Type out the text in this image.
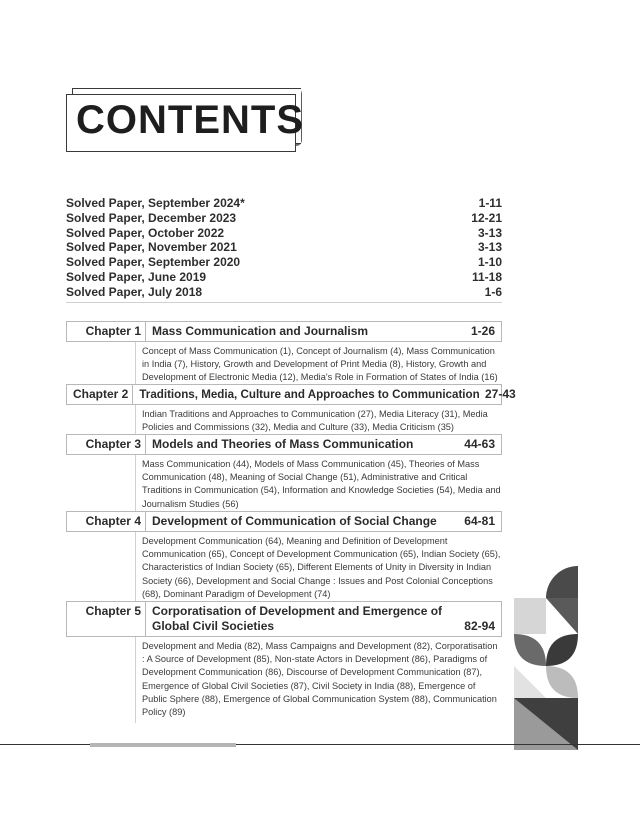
CONTENTS
Solved Paper, September 2024*	1-11
Solved Paper, December 2023	12-21
Solved Paper, October 2022	3-13
Solved Paper, November 2021	3-13
Solved Paper, September 2020	1-10
Solved Paper, June 2019	11-18
Solved Paper, July 2018	1-6
Chapter 1 Mass Communication and Journalism	1-26
Concept of Mass Communication (1), Concept of Journalism (4), Mass Communication in India (7), History, Growth and Development of Print Media (8), History, Growth and Development of Electronic Media (12), Media's Role in Formation of States of India (16)
Chapter 2 Traditions, Media, Culture and Approaches to Communication 27-43
Indian Traditions and Approaches to Communication (27), Media Literacy (31), Media Policies and Commissions (32), Media and Culture (33), Media Criticism (35)
Chapter 3 Models and Theories of Mass Communication	44-63
Mass Communication (44), Models of Mass Communication (45), Theories of Mass Communication (48), Meaning of Social Change (51), Administrative and Critical Traditions in Communication (54), Information and Knowledge Societies (54), Media and Journalism Studies (56)
Chapter 4 Development of Communication of Social Change 64-81
Development Communication (64), Meaning and Definition of Development Communication (65), Concept of Development Communication (65), Indian Society (65), Characteristics of Indian Society (65), Different Elements of Unity in Diversity in Indian Society (66), Development and Social Change : Issues and Post Colonial Conceptions (68), Dominant Paradigm of Development (74)
Chapter 5 Corporatisation of Development and Emergence of Global Civil Societies	82-94
Development and Media (82), Mass Campaigns and Development (82), Corporatisation : A Source of Development (85), Non-state Actors in Development (86), Paradigms of Development Communication (86), Discourse of Development Communication (87), Emergence of Global Civil Societies (87), Civil Society in India (88), Emergence of Public Sphere (88), Emergence of Global Communication System (88), Communication Policy (89)
